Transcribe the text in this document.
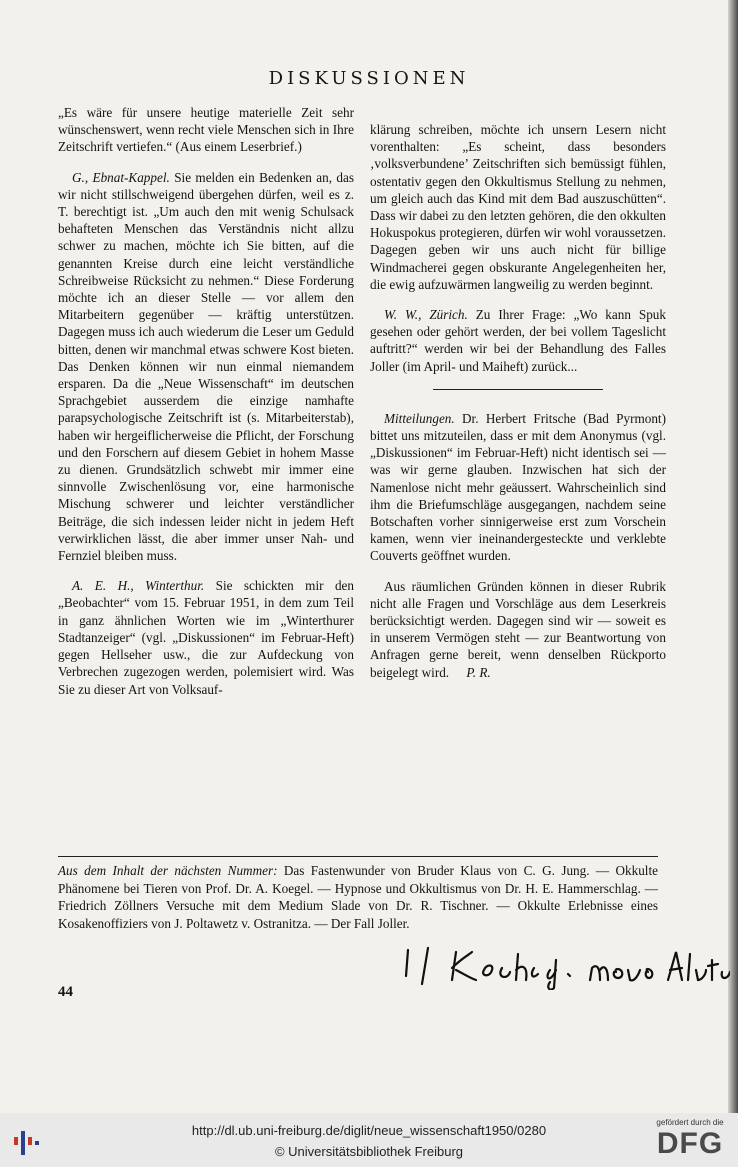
DISKUSSIONEN

„Es wäre für unsere heutige materielle Zeit sehr wünschenswert, wenn recht viele Menschen sich in Ihre Zeitschrift vertiefen.“ (Aus einem Leserbrief.)

G., Ebnat-Kappel. Sie melden ein Bedenken an, das wir nicht stillschweigend übergehen dürfen, weil es z. T. berechtigt ist. „Um auch den mit wenig Schulsack behafteten Menschen das Verständnis nicht allzu schwer zu machen, möchte ich Sie bitten, auf die genannten Kreise durch eine leicht verständliche Schreibweise Rücksicht zu nehmen.“ Diese Forderung möchte ich an dieser Stelle — vor allem den Mitarbeitern gegenüber — kräftig unterstützen. Dagegen muss ich auch wiederum die Leser um Geduld bitten, denen wir manchmal etwas schwere Kost bieten. Das Denken können wir nun einmal niemandem ersparen. Da die „Neue Wissenschaft“ im deutschen Sprachgebiet ausserdem die einzige namhafte parapsychologische Zeitschrift ist (s. Mitarbeiterstab), haben wir hergeiflicherweise die Pflicht, der Forschung und den Forschern auf diesem Gebiet in hohem Masse zu dienen. Grundsätzlich schwebt mir immer eine sinnvolle Zwischenlösung vor, eine harmonische Mischung schwerer und leichter verständlicher Beiträge, die sich indessen leider nicht in jedem Heft verwirklichen lässt, die aber immer unser Nah- und Fernziel bleiben muss.

A. E. H., Winterthur. Sie schickten mir den „Beobachter“ vom 15. Februar 1951, in dem zum Teil in ganz ähnlichen Worten wie im „Winterthurer Stadtanzeiger“ (vgl. „Diskussionen“ im Februar-Heft) gegen Hellseher usw., die zur Aufdeckung von Verbrechen zugezogen werden, polemisiert wird. Was Sie zu dieser Art von Volksauf-

klärung schreiben, möchte ich unsern Lesern nicht vorenthalten: „Es scheint, dass besonders ‚volksverbundene’ Zeitschriften sich bemüssigt fühlen, ostentativ gegen den Okkultismus Stellung zu nehmen, um gleich auch das Kind mit dem Bad auszuschütten“. Dass wir dabei zu den letzten gehören, die den okkulten Hokuspokus protegieren, dürfen wir wohl voraussetzen. Dagegen geben wir uns auch nicht für billige Windmacherei gegen obskurante Angelegenheiten her, die ewig aufzuwärmen langweilig zu werden beginnt.

W. W., Zürich. Zu Ihrer Frage: „Wo kann Spuk gesehen oder gehört werden, der bei vollem Tageslicht auftritt?“ werden wir bei der Behandlung des Falles Joller (im April- und Maiheft) zurück...

Mitteilungen. Dr. Herbert Fritsche (Bad Pyrmont) bittet uns mitzuteilen, dass er mit dem Anonymus (vgl. „Diskussionen“ im Februar-Heft) nicht identisch sei — was wir gerne glauben. Inzwischen hat sich der Namenlose nicht mehr geäussert. Wahrscheinlich sind ihm die Briefumschläge ausgegangen, nachdem seine Botschaften vorher sinnigerweise erst zum Vorschein kamen, wenn vier ineinandergesteckte und verklebte Couverts geöffnet wurden.

Aus räumlichen Gründen können in dieser Rubrik nicht alle Fragen und Vorschläge aus dem Leserkreis berücksichtigt werden. Dagegen sind wir — soweit es in unserem Vermögen steht — zur Beantwortung von Anfragen gerne bereit, wenn denselben Rückporto beigelegt wird. P. R.

Aus dem Inhalt der nächsten Nummer: Das Fastenwunder von Bruder Klaus von C. G. Jung. — Okkulte Phänomene bei Tieren von Prof. Dr. A. Koegel. — Hypnose und Okkultismus von Dr. H. E. Hammerschlag. — Friedrich Zöllners Versuche mit dem Medium Slade von Dr. R. Tischner. — Okkulte Erlebnisse eines Kosakenoffiziers von J. Poltawetz v. Ostranitza. — Der Fall Joller.
44
http://dl.ub.uni-freiburg.de/diglit/neue_wissenschaft1950/0280
© Universitätsbibliothek Freiburg
gefördert durch die
DFG
